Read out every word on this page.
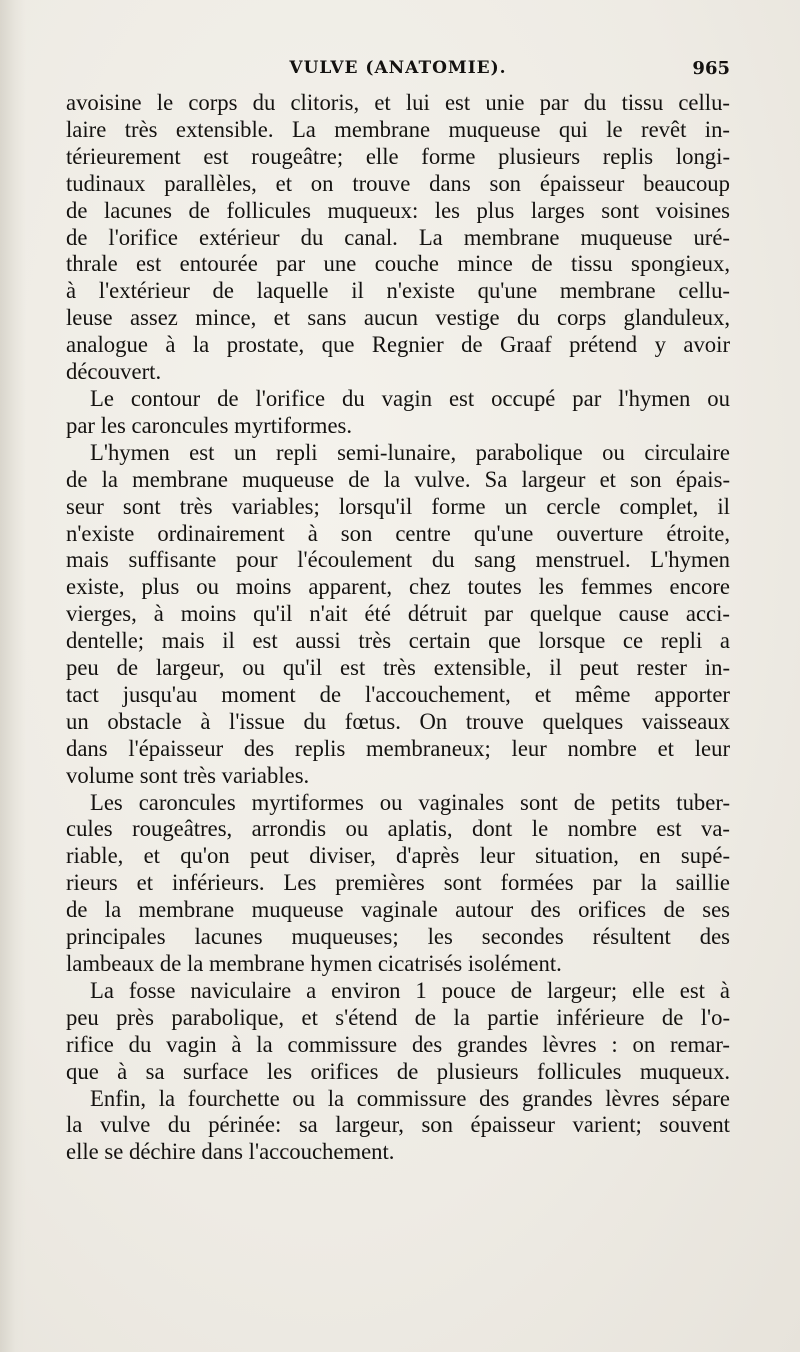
VULVE (ANATOMIE).	965
avoisine le corps du clitoris, et lui est unie par du tissu cellu-
laire très extensible. La membrane muqueuse qui le revêt in-
térieurement est rougeâtre; elle forme plusieurs replis longi-
tudinaux parallèles, et on trouve dans son épaisseur beaucoup
de lacunes de follicules muqueux: les plus larges sont voisines
de l'orifice extérieur du canal. La membrane muqueuse uré-
thrale est entourée par une couche mince de tissu spongieux,
à l'extérieur de laquelle il n'existe qu'une membrane cellu-
leuse assez mince, et sans aucun vestige du corps glanduleux,
analogue à la prostate, que Regnier de Graaf prétend y avoir
découvert.
Le contour de l'orifice du vagin est occupé par l'hymen ou
par les caroncules myrtiformes.
L'hymen est un repli semi-lunaire, parabolique ou circulaire
de la membrane muqueuse de la vulve. Sa largeur et son épais-
seur sont très variables; lorsqu'il forme un cercle complet, il
n'existe ordinairement à son centre qu'une ouverture étroite,
mais suffisante pour l'écoulement du sang menstruel. L'hymen
existe, plus ou moins apparent, chez toutes les femmes encore
vierges, à moins qu'il n'ait été détruit par quelque cause acci-
dentelle; mais il est aussi très certain que lorsque ce repli a
peu de largeur, ou qu'il est très extensible, il peut rester in-
tact jusqu'au moment de l'accouchement, et même apporter
un obstacle à l'issue du fœtus. On trouve quelques vaisseaux
dans l'épaisseur des replis membraneux; leur nombre et leur
volume sont très variables.
Les caroncules myrtiformes ou vaginales sont de petits tuber-
cules rougeâtres, arrondis ou aplatis, dont le nombre est va-
riable, et qu'on peut diviser, d'après leur situation, en supé-
rieurs et inférieurs. Les premières sont formées par la saillie
de la membrane muqueuse vaginale autour des orifices de ses
principales lacunes muqueuses; les secondes résultent des
lambeaux de la membrane hymen cicatrisés isolément.
La fosse naviculaire a environ 1 pouce de largeur; elle est à
peu près parabolique, et s'étend de la partie inférieure de l'o-
rifice du vagin à la commissure des grandes lèvres : on remar-
que à sa surface les orifices de plusieurs follicules muqueux.
Enfin, la fourchette ou la commissure des grandes lèvres sépare
la vulve du périnée: sa largeur, son épaisseur varient; souvent
elle se déchire dans l'accouchement.
